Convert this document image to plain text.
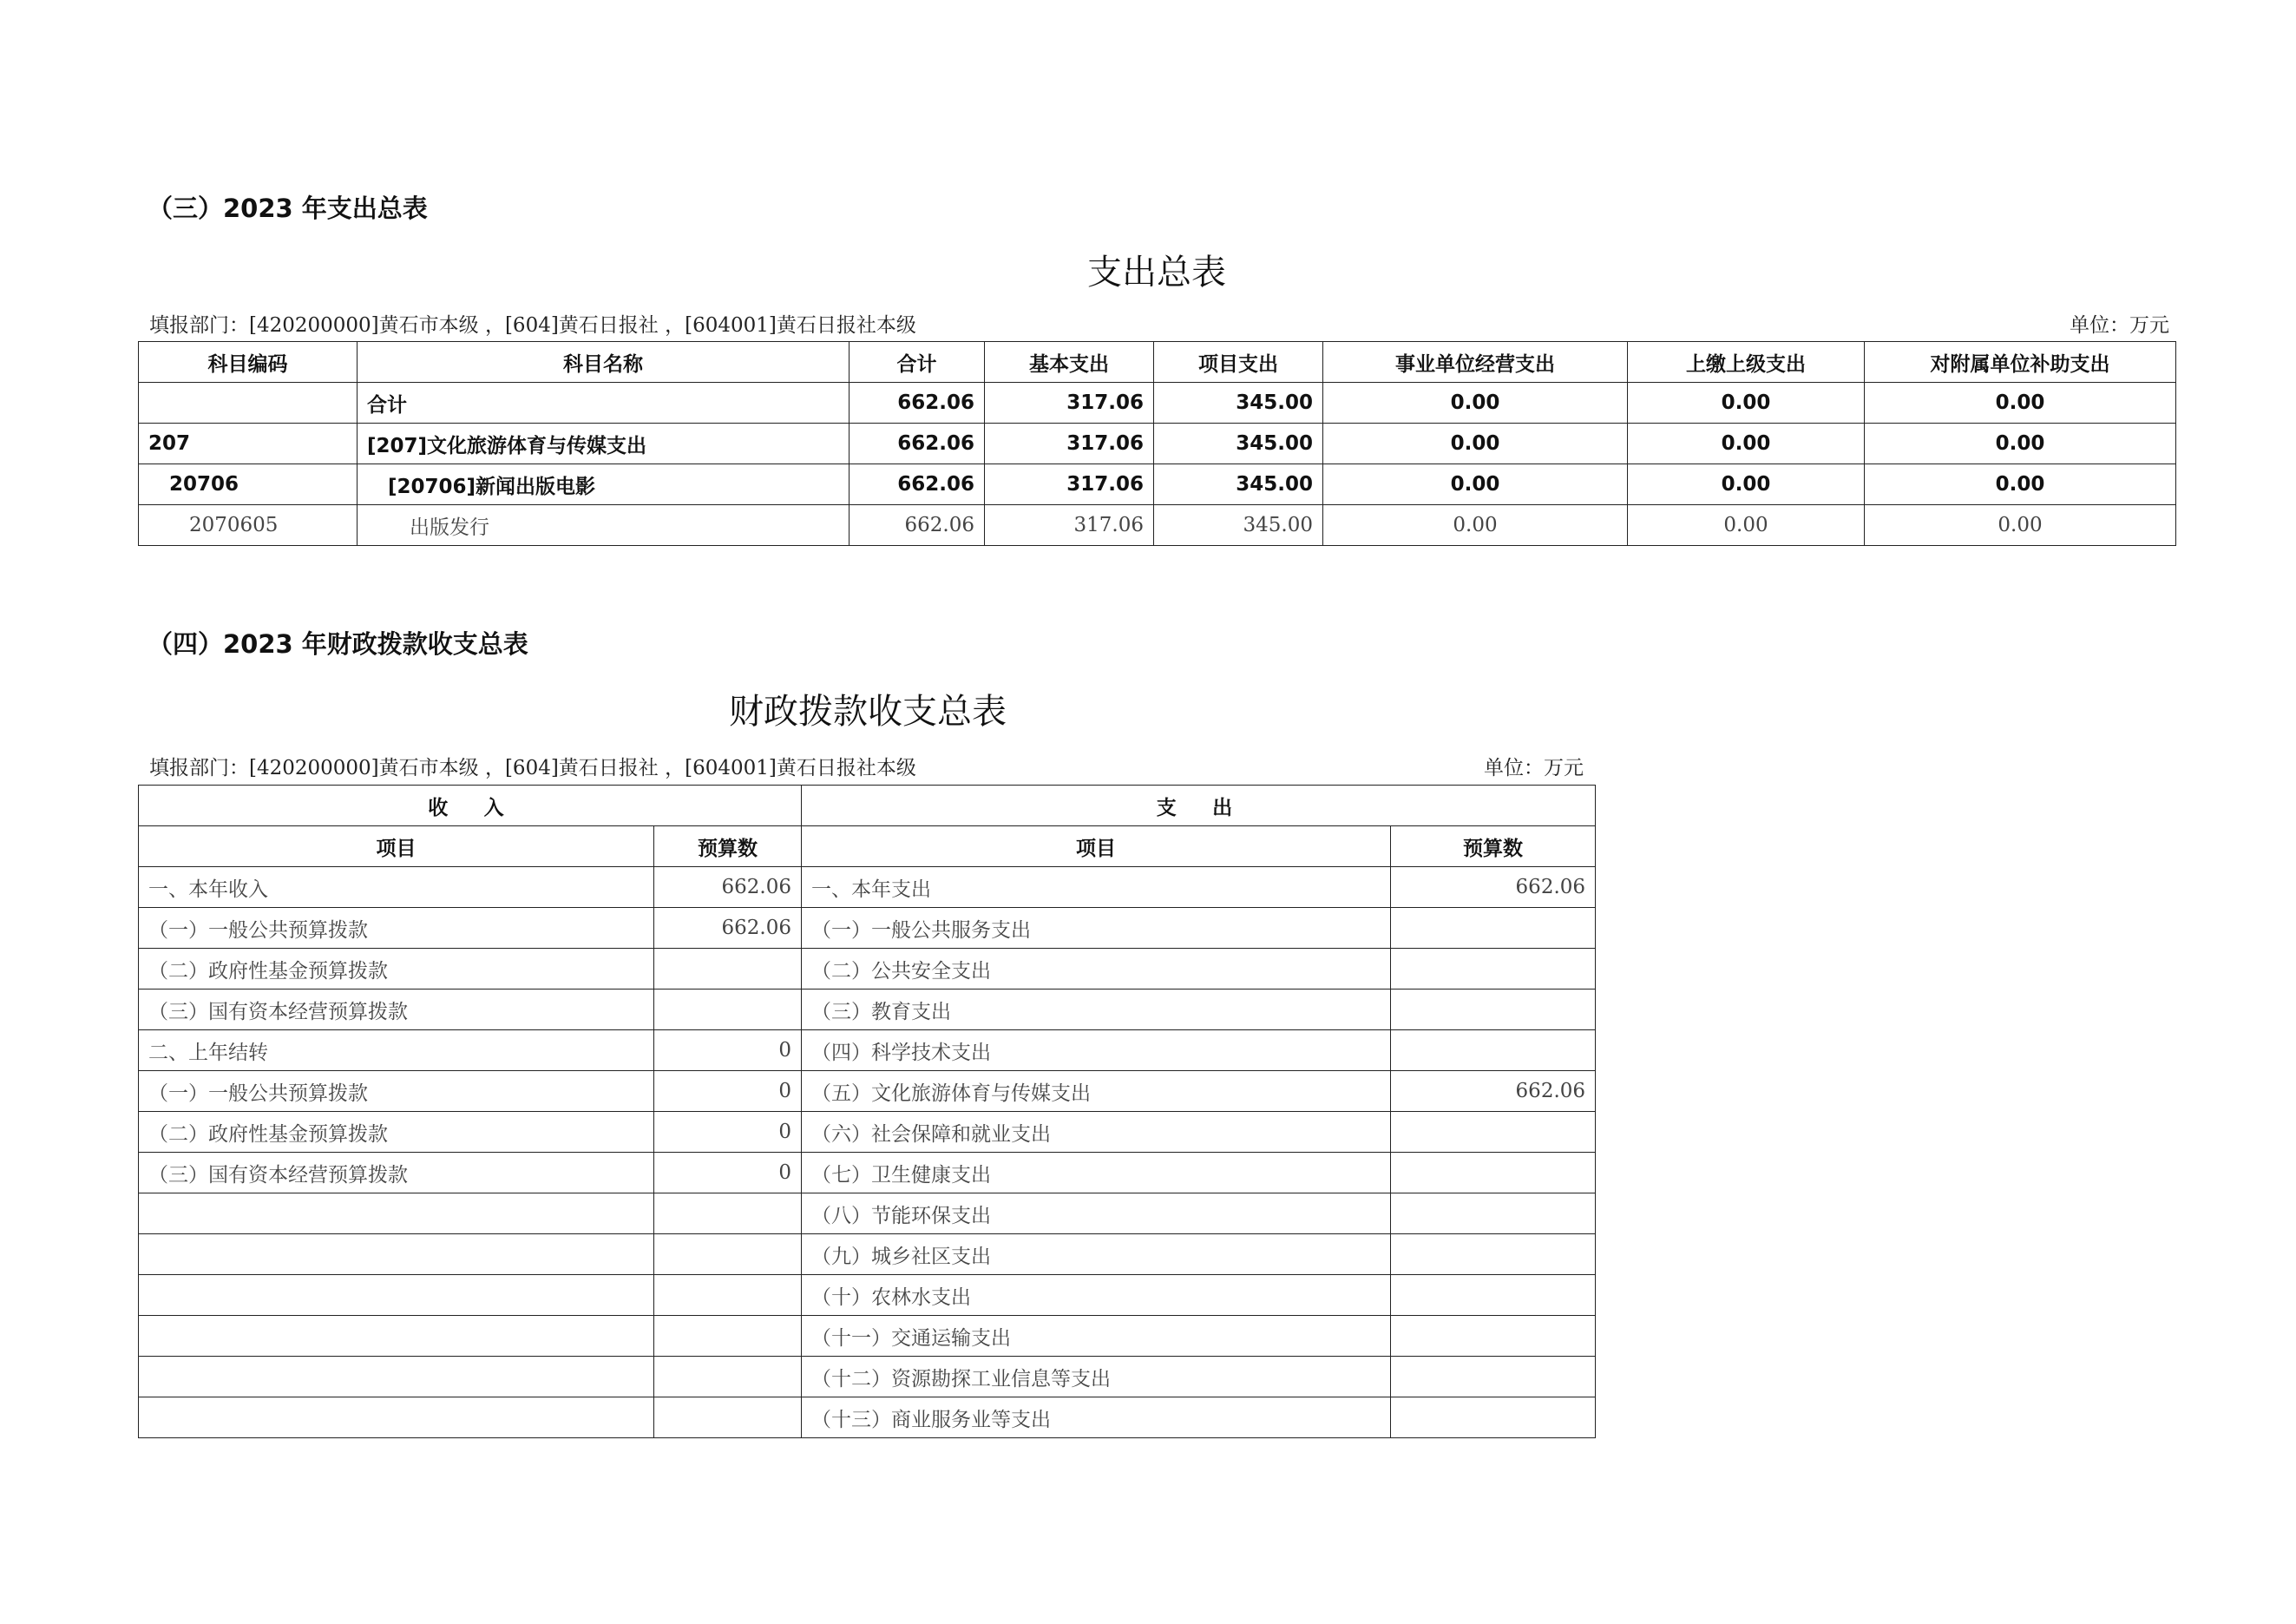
（三）2023 年支出总表
支出总表
填报部门：[420200000]黄石市本级 ，[604]黄石日报社 ，[604001]黄石日报社本级	单位：万元
科目编码	科目名称	合计	基本支出	项目支出	事业单位经营支出	上缴上级支出	对附属单位补助支出
	合计	662.06	317.06	345.00	0.00	0.00	0.00
207	[207]文化旅游体育与传媒支出	662.06	317.06	345.00	0.00	0.00	0.00
20706	[20706]新闻出版电影	662.06	317.06	345.00	0.00	0.00	0.00
2070605	出版发行	662.06	317.06	345.00	0.00	0.00	0.00
（四）2023 年财政拨款收支总表
财政拨款收支总表
填报部门：[420200000]黄石市本级 ，[604]黄石日报社 ，[604001]黄石日报社本级	单位：万元
收　入		支　出	
项目	预算数	项目	预算数
一、本年收入	662.06	一、本年支出	662.06
（一）一般公共预算拨款	662.06	（一）一般公共服务支出	
（二）政府性基金预算拨款		（二）公共安全支出	
（三）国有资本经营预算拨款		（三）教育支出	
二、上年结转	0	（四）科学技术支出	
（一）一般公共预算拨款	0	（五）文化旅游体育与传媒支出	662.06
（二）政府性基金预算拨款	0	（六）社会保障和就业支出	
（三）国有资本经营预算拨款	0	（七）卫生健康支出	
		（八）节能环保支出	
		（九）城乡社区支出	
		（十）农林水支出	
		（十一）交通运输支出	
		（十二）资源勘探工业信息等支出	
		（十三）商业服务业等支出	
